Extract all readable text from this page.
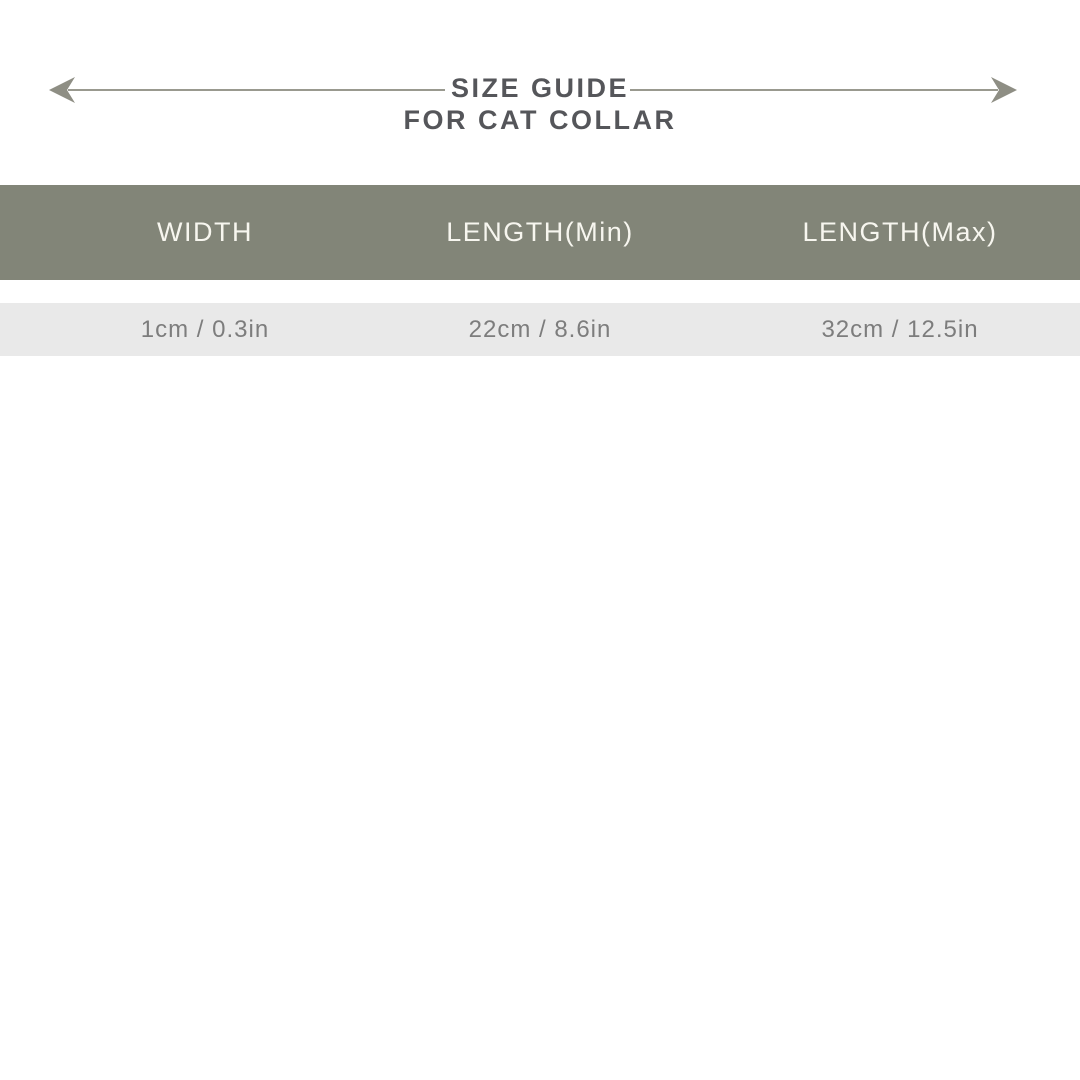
SIZE GUIDE
FOR CAT COLLAR
WIDTH	LENGTH(Min)	LENGTH(Max)
1cm / 0.3in	22cm / 8.6in	32cm / 12.5in
